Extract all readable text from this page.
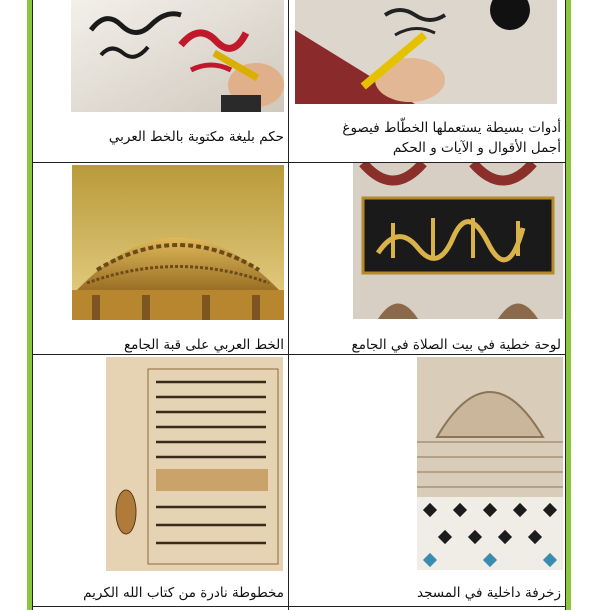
حكم بليغة مكتوبة بالخط العربي
أدوات بسيطة يستعملها الخطّاط فيصوغ
أجمل الأقوال و الآيات و الحكم
الخط العربي على قبة الجامع	لوحة خطية في بيت الصلاة في الجامع
مخطوطة نادرة من كتاب الله الكريم	زخرفة داخلية في المسجد
